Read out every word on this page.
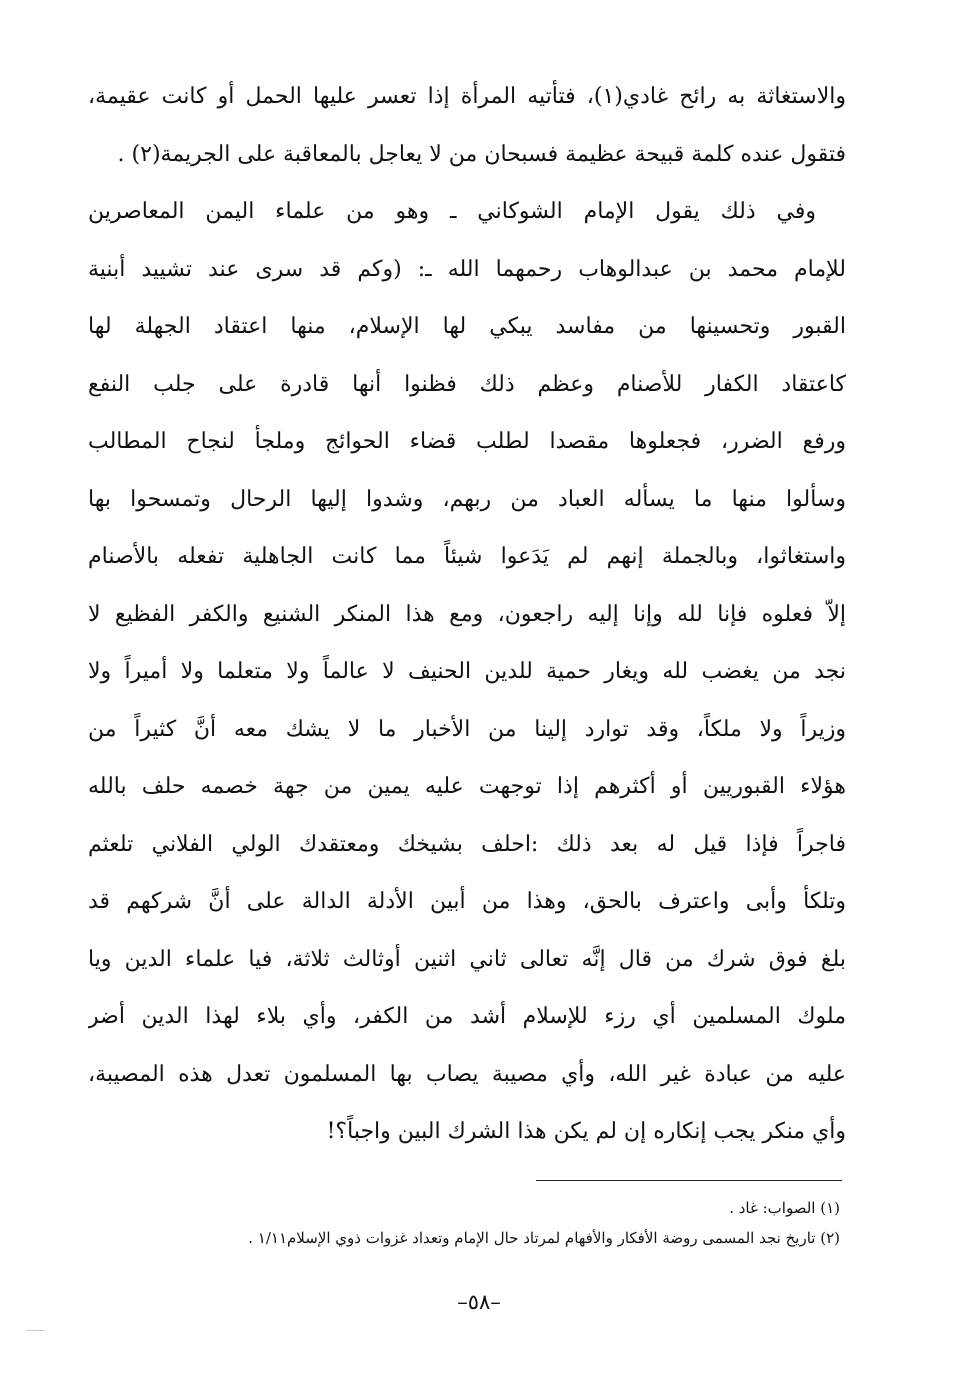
والاستغاثة به رائح غادي(١)، فتأتيه المرأة إذا تعسر عليها الحمل أو كانت عقيمة،
فتقول عنده كلمة قبيحة عظيمة فسبحان من لا يعاجل بالمعاقبة على الجريمة(٢) .
وفي ذلك يقول الإمام الشوكاني ـ وهو من علماء اليمن المعاصرين
للإمام محمد بن عبدالوهاب رحمهما الله ـ: (وكم قد سرى عند تشييد أبنية
القبور وتحسينها من مفاسد يبكي لها الإسلام، منها اعتقاد الجهلة لها
كاعتقاد الكفار للأصنام وعظم ذلك فظنوا أنها قادرة على جلب النفع
ورفع الضرر، فجعلوها مقصدا لطلب قضاء الحوائج وملجأ لنجاح المطالب
وسألوا منها ما يسأله العباد من ربهم، وشدوا إليها الرحال وتمسحوا بها
واستغاثوا، وبالجملة إنهم لم يَدَعوا شيئاً مما كانت الجاهلية تفعله بالأصنام
إلاّ فعلوه فإنا لله وإنا إليه راجعون، ومع هذا المنكر الشنيع والكفر الفظيع لا
نجد من يغضب لله ويغار حمية للدين الحنيف لا عالماً ولا متعلما ولا أميراً ولا
وزيراً ولا ملكاً، وقد توارد إلينا من الأخبار ما لا يشك معه أنَّ كثيراً من
هؤلاء القبوريين أو أكثرهم إذا توجهت عليه يمين من جهة خصمه حلف بالله
فاجراً فإذا قيل له بعد ذلك :احلف بشيخك ومعتقدك الولي الفلاني تلعثم
وتلكأ وأبى واعترف بالحق، وهذا من أبين الأدلة الدالة على أنَّ شركهم قد
بلغ فوق شرك من قال إنَّه تعالى ثاني اثنين أوثالث ثلاثة، فيا علماء الدين ويا
ملوك المسلمين أي رزء للإسلام أشد من الكفر، وأي بلاء لهذا الدين أضر
عليه من عبادة غير الله، وأي مصيبة يصاب بها المسلمون تعدل هذه المصيبة،
وأي منكر يجب إنكاره إن لم يكن هذا الشرك البين واجباً؟!
(١) الصواب: غاد .
(٢) تاريخ نجد المسمى روضة الأفكار والأفهام لمرتاد حال الإمام وتعداد غزوات ذوي الإسلام١/١١ .
–٥٨–
